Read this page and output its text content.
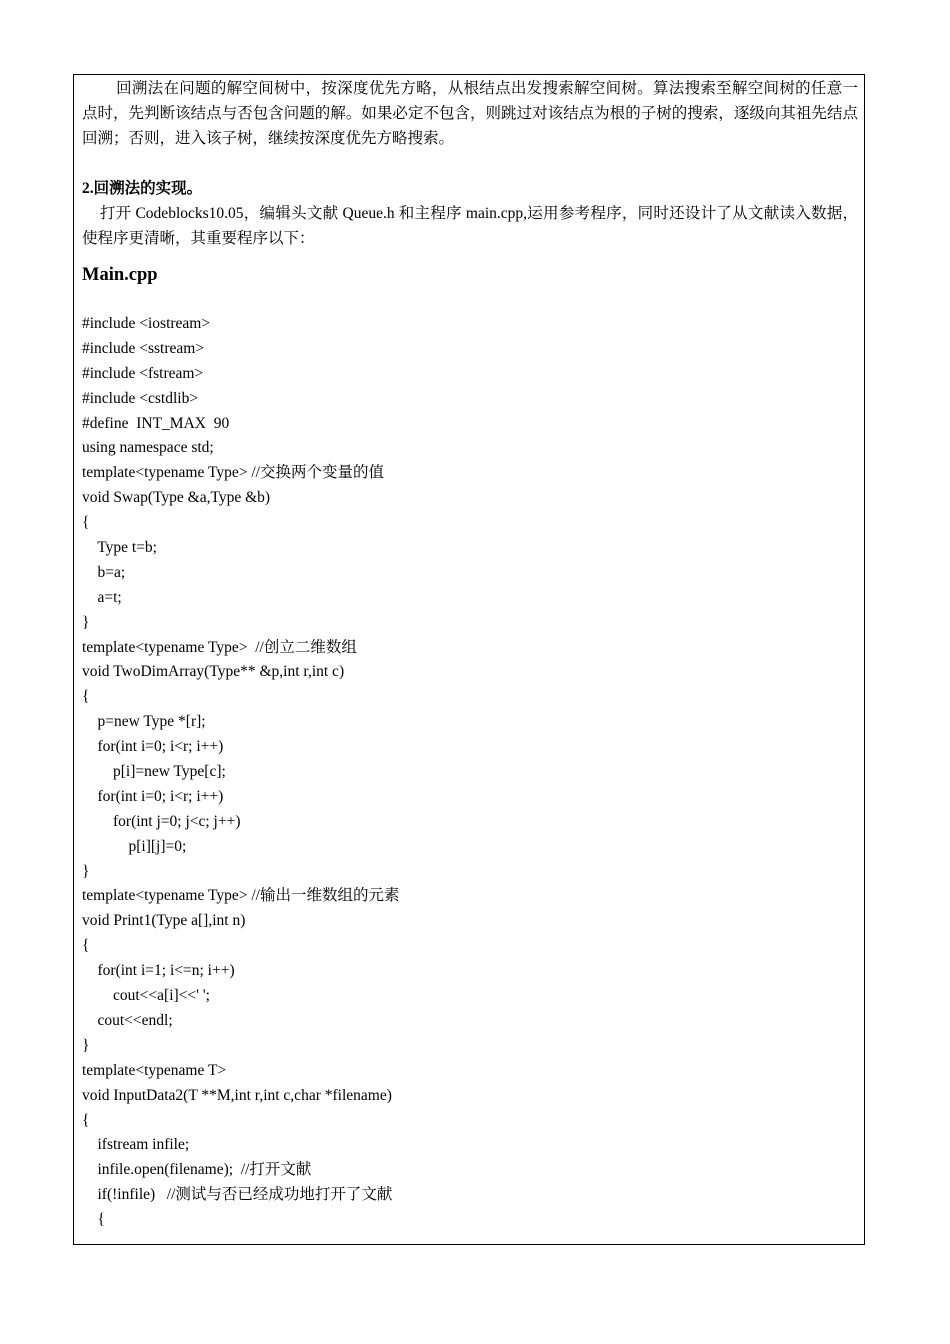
回溯法在问题的解空间树中，按深度优先方略，从根结点出发搜索解空间树。算法搜索至解空间树的任意一点时，先判断该结点与否包含问题的解。如果必定不包含，则跳过对该结点为根的子树的搜索，逐级向其祖先结点回溯；否则，进入该子树，继续按深度优先方略搜索。

2.回溯法的实现。

打开 Codeblocks10.05，编辑头文献 Queue.h 和主程序 main.cpp,运用参考程序，同时还设计了从文献读入数据，使程序更清晰，其重要程序以下：

Main.cpp

#include <iostream>
#include <sstream>
#include <fstream>
#include <cstdlib>
#define  INT_MAX  90
using namespace std;
template<typename Type> //交换两个变量的值
void Swap(Type &a,Type &b)
{
Type t=b;
b=a;
a=t;
}
template<typename Type>  //创立二维数组
void TwoDimArray(Type** &p,int r,int c)
{
p=new Type *[r];
for(int i=0; i<r; i++)
p[i]=new Type[c];
for(int i=0; i<r; i++)
for(int j=0; j<c; j++)
p[i][j]=0;
}
template<typename Type> //输出一维数组的元素
void Print1(Type a[],int n)
{
for(int i=1; i<=n; i++)
cout<<a[i]<<' ';
cout<<endl;
}
template<typename T>
void InputData2(T **M,int r,int c,char *filename)
{
ifstream infile;
infile.open(filename);  //打开文献
if(!infile)   //测试与否已经成功地打开了文献
{
